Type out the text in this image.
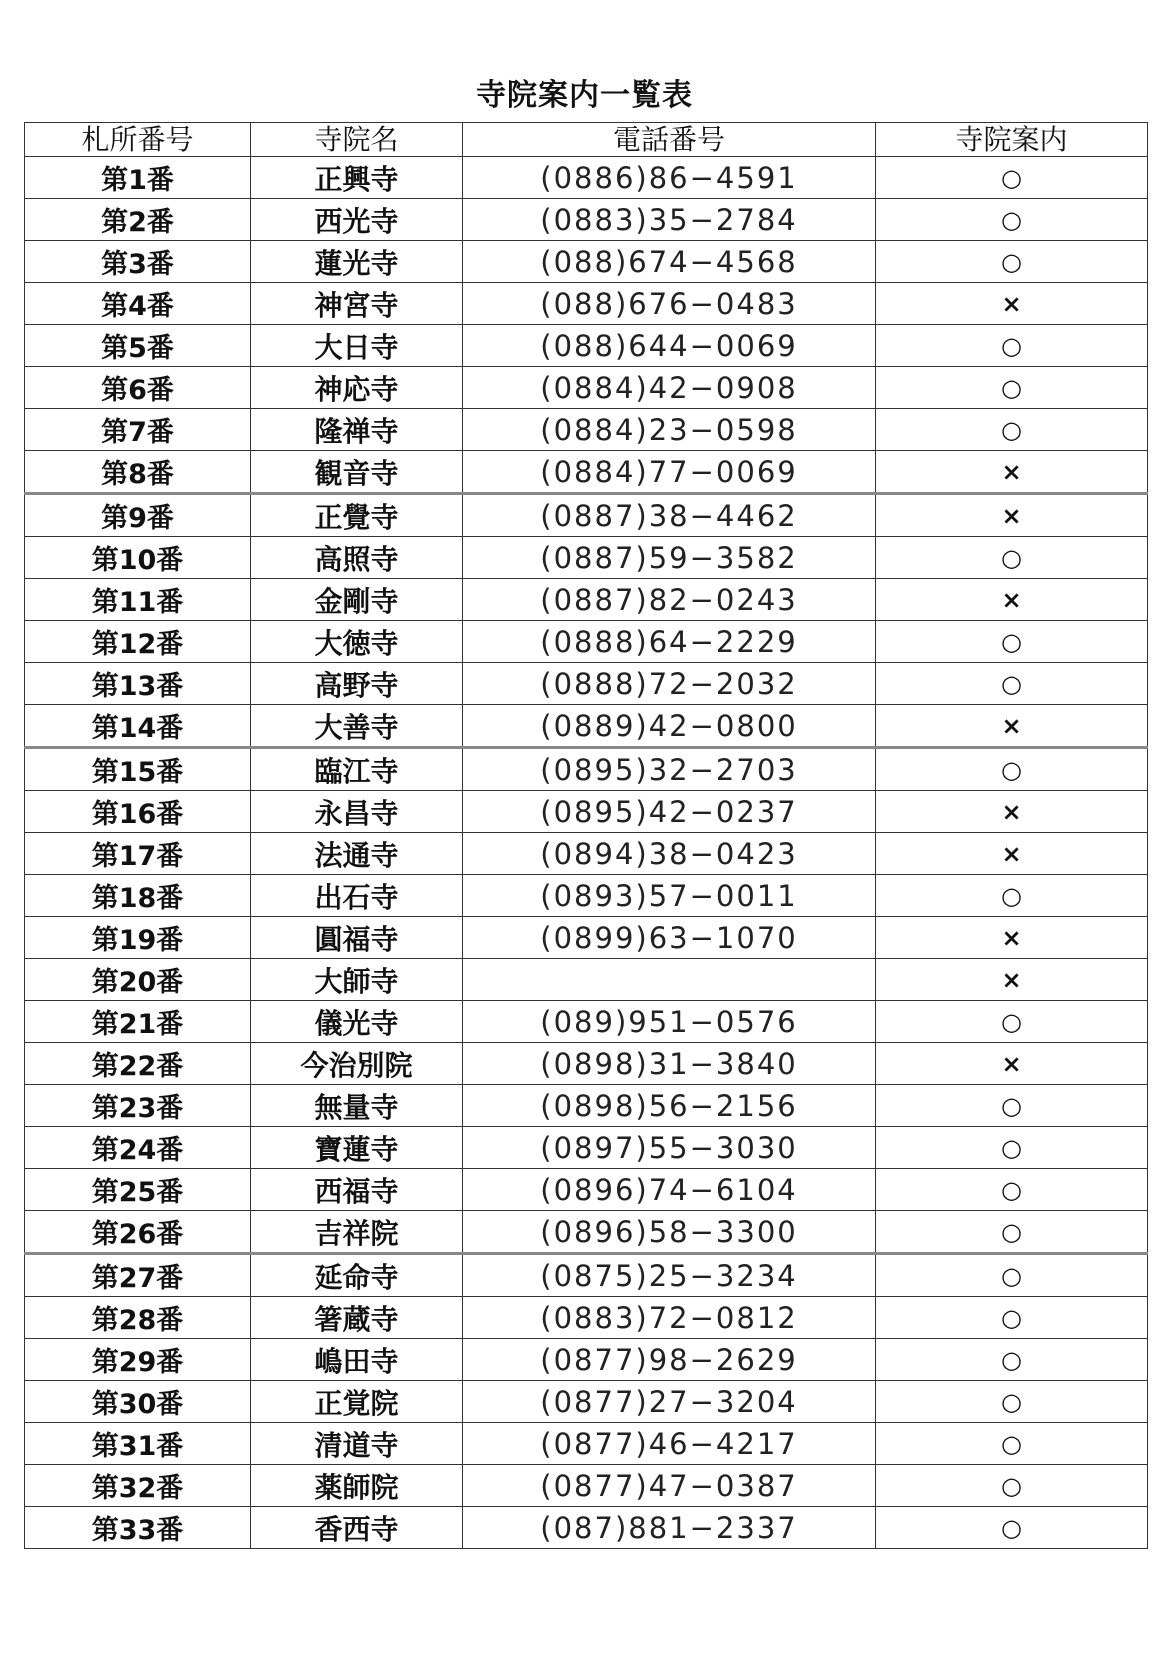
寺院案内一覧表
札所番号	寺院名	電話番号	寺院案内
第1番	正興寺	(0886)86−4591	○
第2番	西光寺	(0883)35−2784	○
第3番	蓮光寺	(088)674−4568	○
第4番	神宮寺	(088)676−0483	×
第5番	大日寺	(088)644−0069	○
第6番	神応寺	(0884)42−0908	○
第7番	隆禅寺	(0884)23−0598	○
第8番	観音寺	(0884)77−0069	×
第9番	正覺寺	(0887)38−4462	×
第10番	高照寺	(0887)59−3582	○
第11番	金剛寺	(0887)82−0243	×
第12番	大徳寺	(0888)64−2229	○
第13番	高野寺	(0888)72−2032	○
第14番	大善寺	(0889)42−0800	×
第15番	臨江寺	(0895)32−2703	○
第16番	永昌寺	(0895)42−0237	×
第17番	法通寺	(0894)38−0423	×
第18番	出石寺	(0893)57−0011	○
第19番	圓福寺	(0899)63−1070	×
第20番	大師寺		×
第21番	儀光寺	(089)951−0576	○
第22番	今治別院	(0898)31−3840	×
第23番	無量寺	(0898)56−2156	○
第24番	寶蓮寺	(0897)55−3030	○
第25番	西福寺	(0896)74−6104	○
第26番	吉祥院	(0896)58−3300	○
第27番	延命寺	(0875)25−3234	○
第28番	箸蔵寺	(0883)72−0812	○
第29番	嶋田寺	(0877)98−2629	○
第30番	正覚院	(0877)27−3204	○
第31番	清道寺	(0877)46−4217	○
第32番	薬師院	(0877)47−0387	○
第33番	香西寺	(087)881−2337	○
